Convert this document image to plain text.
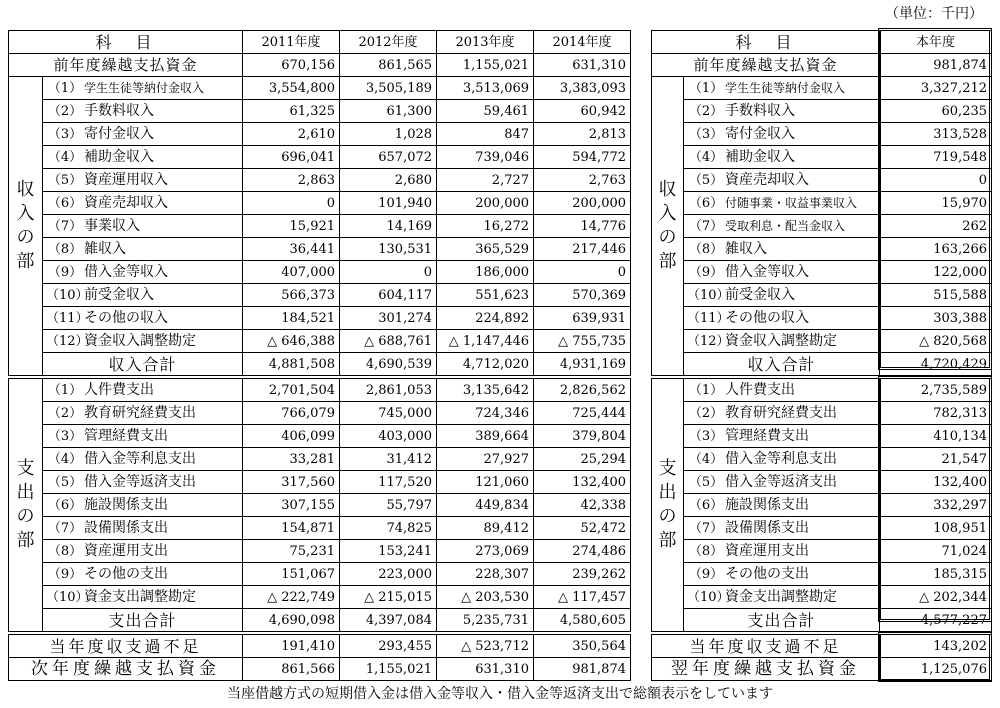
（単位：千円）
科　目		2011年度	2012年度	2013年度	2014年度
前年度繰越支払資金		670,156	861,565	1,155,021	631,310

収
入
の
部	（1） 学生生徒等納付金収入	3,554,800	3,505,189	3,513,069	3,383,093
	（2） 手数料収入	61,325	61,300	59,461	60,942
	（3） 寄付金収入	2,610	1,028	847	2,813
	（4） 補助金収入	696,041	657,072	739,046	594,772
	（5） 資産運用収入	2,863	2,680	2,727	2,763
	（6） 資産売却収入	0	101,940	200,000	200,000
	（7） 事業収入	15,921	14,169	16,272	14,776
	（8） 雑収入	36,441	130,531	365,529	217,446
	（9） 借入金等収入	407,000	0	186,000	0
	（10）前受金収入	566,373	604,117	551,623	570,369
	（11）その他の収入	184,521	301,274	224,892	639,931
	（12）資金収入調整勘定	△ 646,388	△ 688,761	△ 1,147,446	△ 755,735
	収入合計	4,881,508	4,690,539	4,712,020	4,931,169
支
出
の
部	（1） 人件費支出	2,701,504	2,861,053	3,135,642	2,826,562
	（2） 教育研究経費支出	766,079	745,000	724,346	725,444
	（3） 管理経費支出	406,099	403,000	389,664	379,804
	（4） 借入金等利息支出	33,281	31,412	27,927	25,294
	（5） 借入金等返済支出	317,560	117,520	121,060	132,400
	（6） 施設関係支出	307,155	55,797	449,834	42,338
	（7） 設備関係支出	154,871	74,825	89,412	52,472
	（8） 資産運用支出	75,231	153,241	273,069	274,486
	（9） その他の支出	151,067	223,000	228,307	239,262
	（10）資金支出調整勘定	△ 222,749	△ 215,015	△ 203,530	△ 117,457
	支出合計	4,690,098	4,397,084	5,235,731	4,580,605
当年度収支過不足	191,410	293,455	△ 523,712	350,564
次年度繰越支払資金	861,566	1,155,021	631,310	981,874
科　目		本年度
前年度繰越支払資金		981,874

収
入
の
部	（1） 学生生徒等納付金収入	3,327,212
	（2） 手数料収入	60,235
	（3） 寄付金収入	313,528
	（4） 補助金収入	719,548
	（5） 資産売却収入	0
	（6） 付随事業・収益事業収入	15,970
	（7） 受取利息・配当金収入	262
	（8） 雑収入	163,266
	（9） 借入金等収入	122,000
	（10）前受金収入	515,588
	（11）その他の収入	303,388
	（12）資金収入調整勘定	△ 820,568
	収入合計	4,720,429
支
出
の
部	（1） 人件費支出	2,735,589
	（2） 教育研究経費支出	782,313
	（3） 管理経費支出	410,134
	（4） 借入金等利息支出	21,547
	（5） 借入金等返済支出	132,400
	（6） 施設関係支出	332,297
	（7） 設備関係支出	108,951
	（8） 資産運用支出	71,024
	（9） その他の支出	185,315
	（10）資金支出調整勘定	△ 202,344
	支出合計	4,577,227
当年度収支過不足	143,202
翌年度繰越支払資金	1,125,076
当座借越方式の短期借入金は借入金等収入・借入金等返済支出で総額表示をしています
